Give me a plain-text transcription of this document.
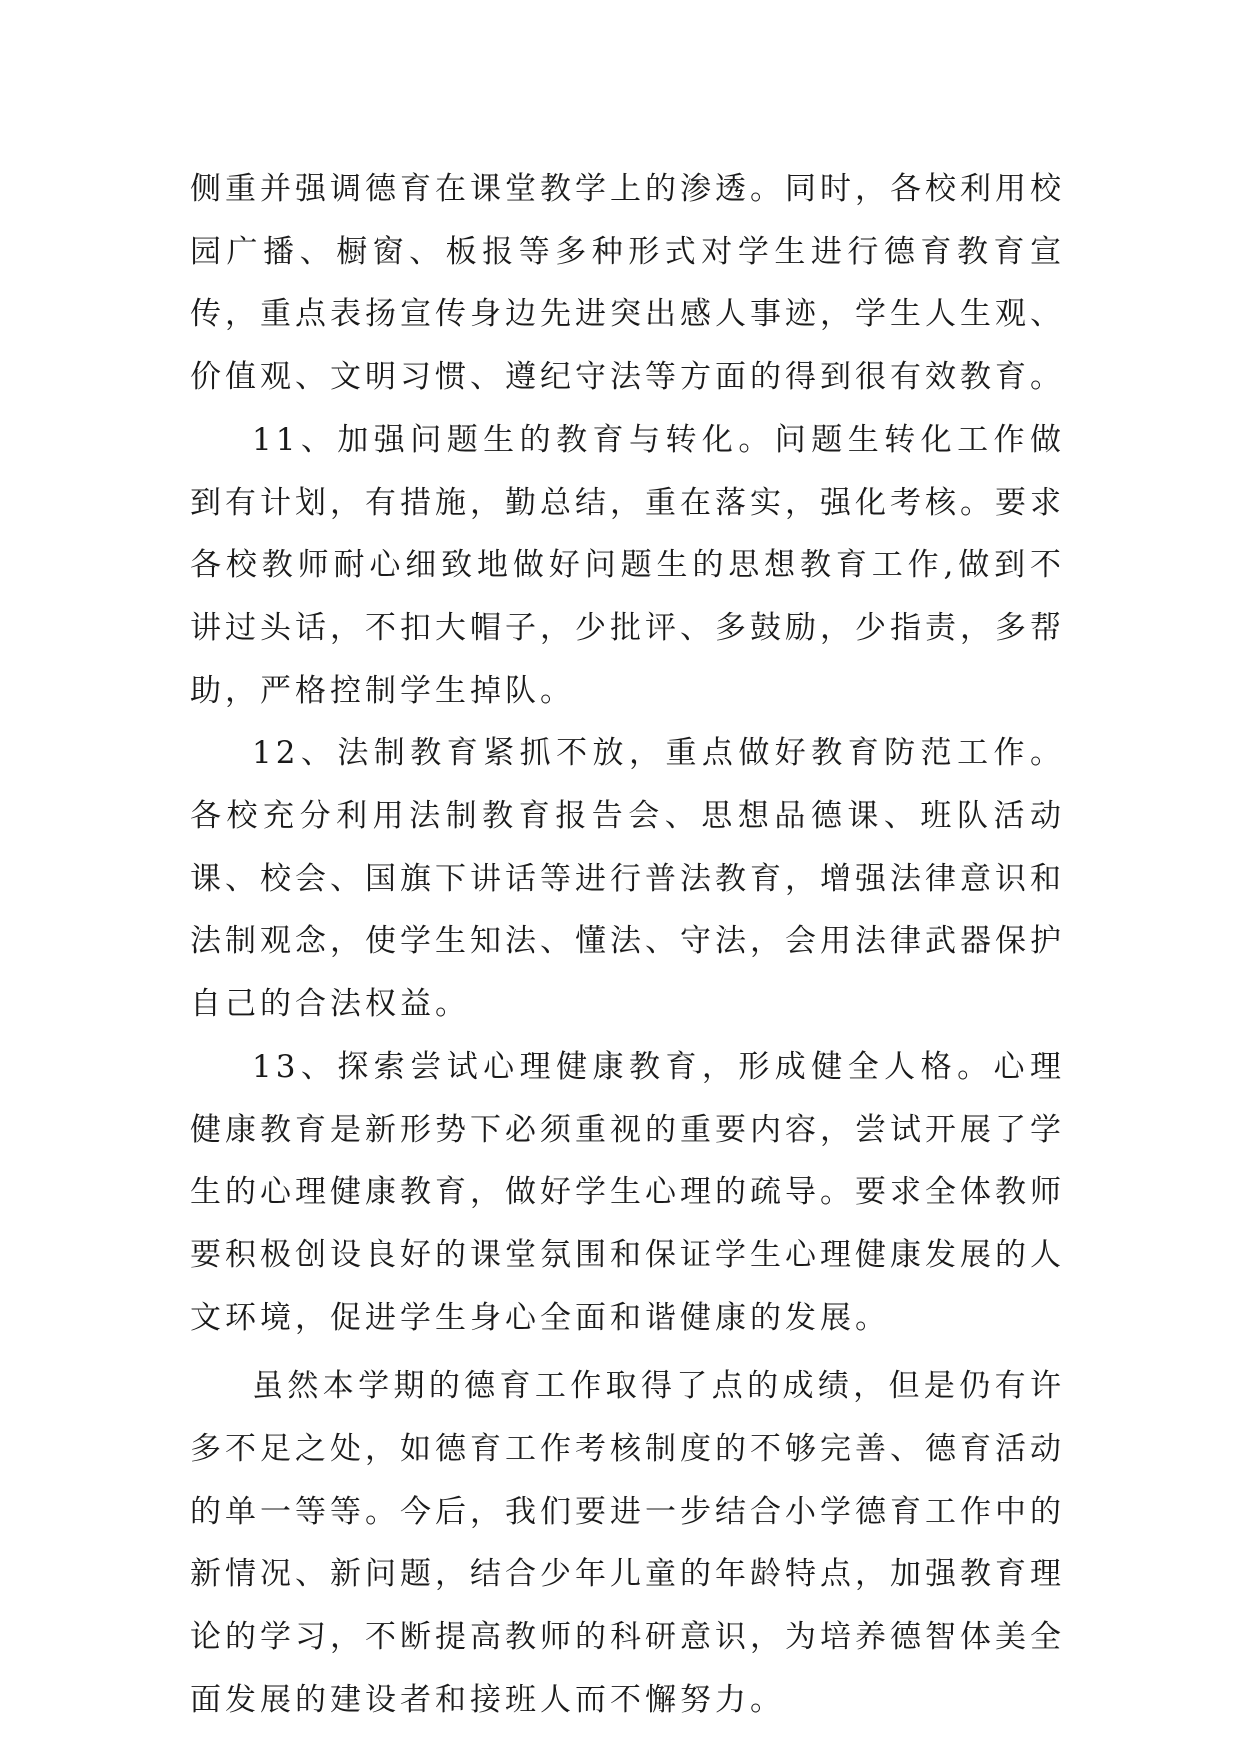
侧重并强调德育在课堂教学上的渗透。同时，各校利用校园广播、橱窗、板报等多种形式对学生进行德育教育宣传，重点表扬宣传身边先进突出感人事迹，学生人生观、价值观、文明习惯、遵纪守法等方面的得到很有效教育。

11、加强问题生的教育与转化。问题生转化工作做到有计划，有措施，勤总结，重在落实，强化考核。要求各校教师耐心细致地做好问题生的思想教育工作,做到不讲过头话，不扣大帽子，少批评、多鼓励，少指责，多帮助，严格控制学生掉队。

12、法制教育紧抓不放，重点做好教育防范工作。各校充分利用法制教育报告会、思想品德课、班队活动课、校会、国旗下讲话等进行普法教育，增强法律意识和法制观念，使学生知法、懂法、守法，会用法律武器保护自己的合法权益。

13、探索尝试心理健康教育，形成健全人格。心理健康教育是新形势下必须重视的重要内容，尝试开展了学生的心理健康教育，做好学生心理的疏导。要求全体教师要积极创设良好的课堂氛围和保证学生心理健康发展的人文环境，促进学生身心全面和谐健康的发展。

虽然本学期的德育工作取得了点的成绩，但是仍有许多不足之处，如德育工作考核制度的不够完善、德育活动的单一等等。今后，我们要进一步结合小学德育工作中的新情况、新问题，结合少年儿童的年龄特点，加强教育理论的学习，不断提高教师的科研意识，为培养德智体美全面发展的建设者和接班人而不懈努力。
